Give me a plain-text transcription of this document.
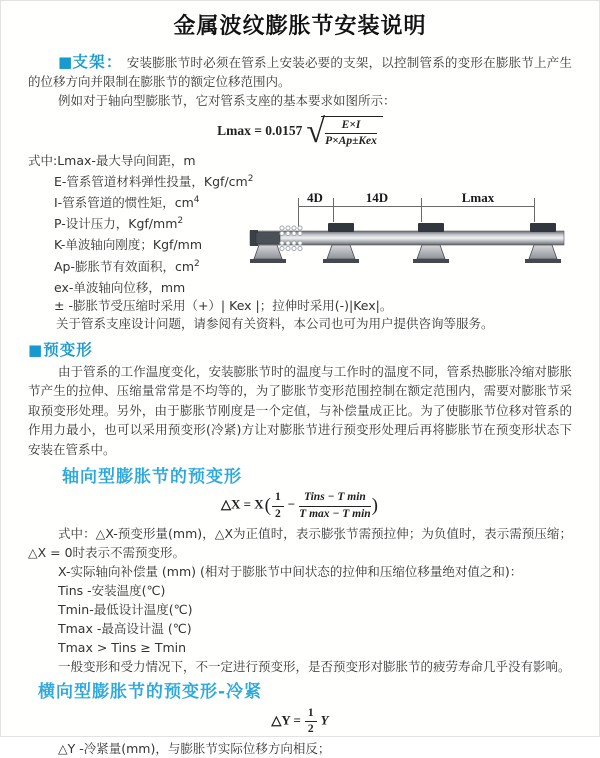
金属波纹膨胀节安装说明

■支架： 安装膨胀节时必须在管系上安装必要的支架，以控制管系的变形在膨胀节上产生的位移方向并限制在膨胀节的额定位移范围内。

例如对于轴向型膨胀节，它对管系支座的基本要求如图所示：

Lmax = 0.0157 √ $\frac{E\times I}{\text{P×Ap±Kex}}$
式中:Lmax-最大导向间距，m
E-管系管道材料弹性投量，Kgf/$cm^2$
I-管系管道的惯性矩，$cm^4$
P-设计压力，Kgf/$mm^2$
K-单波轴向刚度；Kgf/mm
Ap-膨胀节有效面积，$cm^2$
ex-单波轴向位移，mm
± -膨胀节受压缩时采用（+）| Kex |；拉伸时采用(-)|Kex|。
关于管系支座设计问题，请参阅有关资料，本公司也可为用户提供咨询等服务。
4D	14D	Lmax
■预变形

由于管系的工作温度变化，安装膨胀节时的温度与工作时的温度不同，管系热膨胀冷缩对膨胀节产生的拉伸、压缩量常常是不均等的，为了膨胀节变形范围控制在额定范围内，需要对膨胀节采取预变形处理。另外，由于膨胀节刚度是一个定值，与补偿量成正比。为了使膨胀节位移对管系的作用力最小，也可以采用预变形(冷紧)方让对膨胀节进行预变形处理后再将膨胀节在预变形状态下安装在管系中。

轴向型膨胀节的预变形
△X = $X( \frac{1}{2} - \frac{\text{Tins − T min}}{\text{T max − T min}}$ )

式中：△X-预变形量(mm)，△X为正值时，表示膨张节需预拉伸；为负值时，表示需预压缩；△X = 0时表示不需预变形。

X-实际轴向补偿量 (mm) (相对于膨胀节中间状态的拉伸和压缩位移量绝对值之和)：

Tins -安装温度(℃)

Tmin-最低设计温度(℃)

Tmax -最高设计温 (℃)

Tmax > Tins ≥ Tmin

一般变形和受力情况下，不一定进行预变形，是否预变形对膨胀节的疲劳寿命几乎没有影响。

横向型膨胀节的预变形-冷紧
△Y = $\frac{1}{2}$ Y

△Y -冷紧量(mm)，与膨胀节实际位移方向相反；
